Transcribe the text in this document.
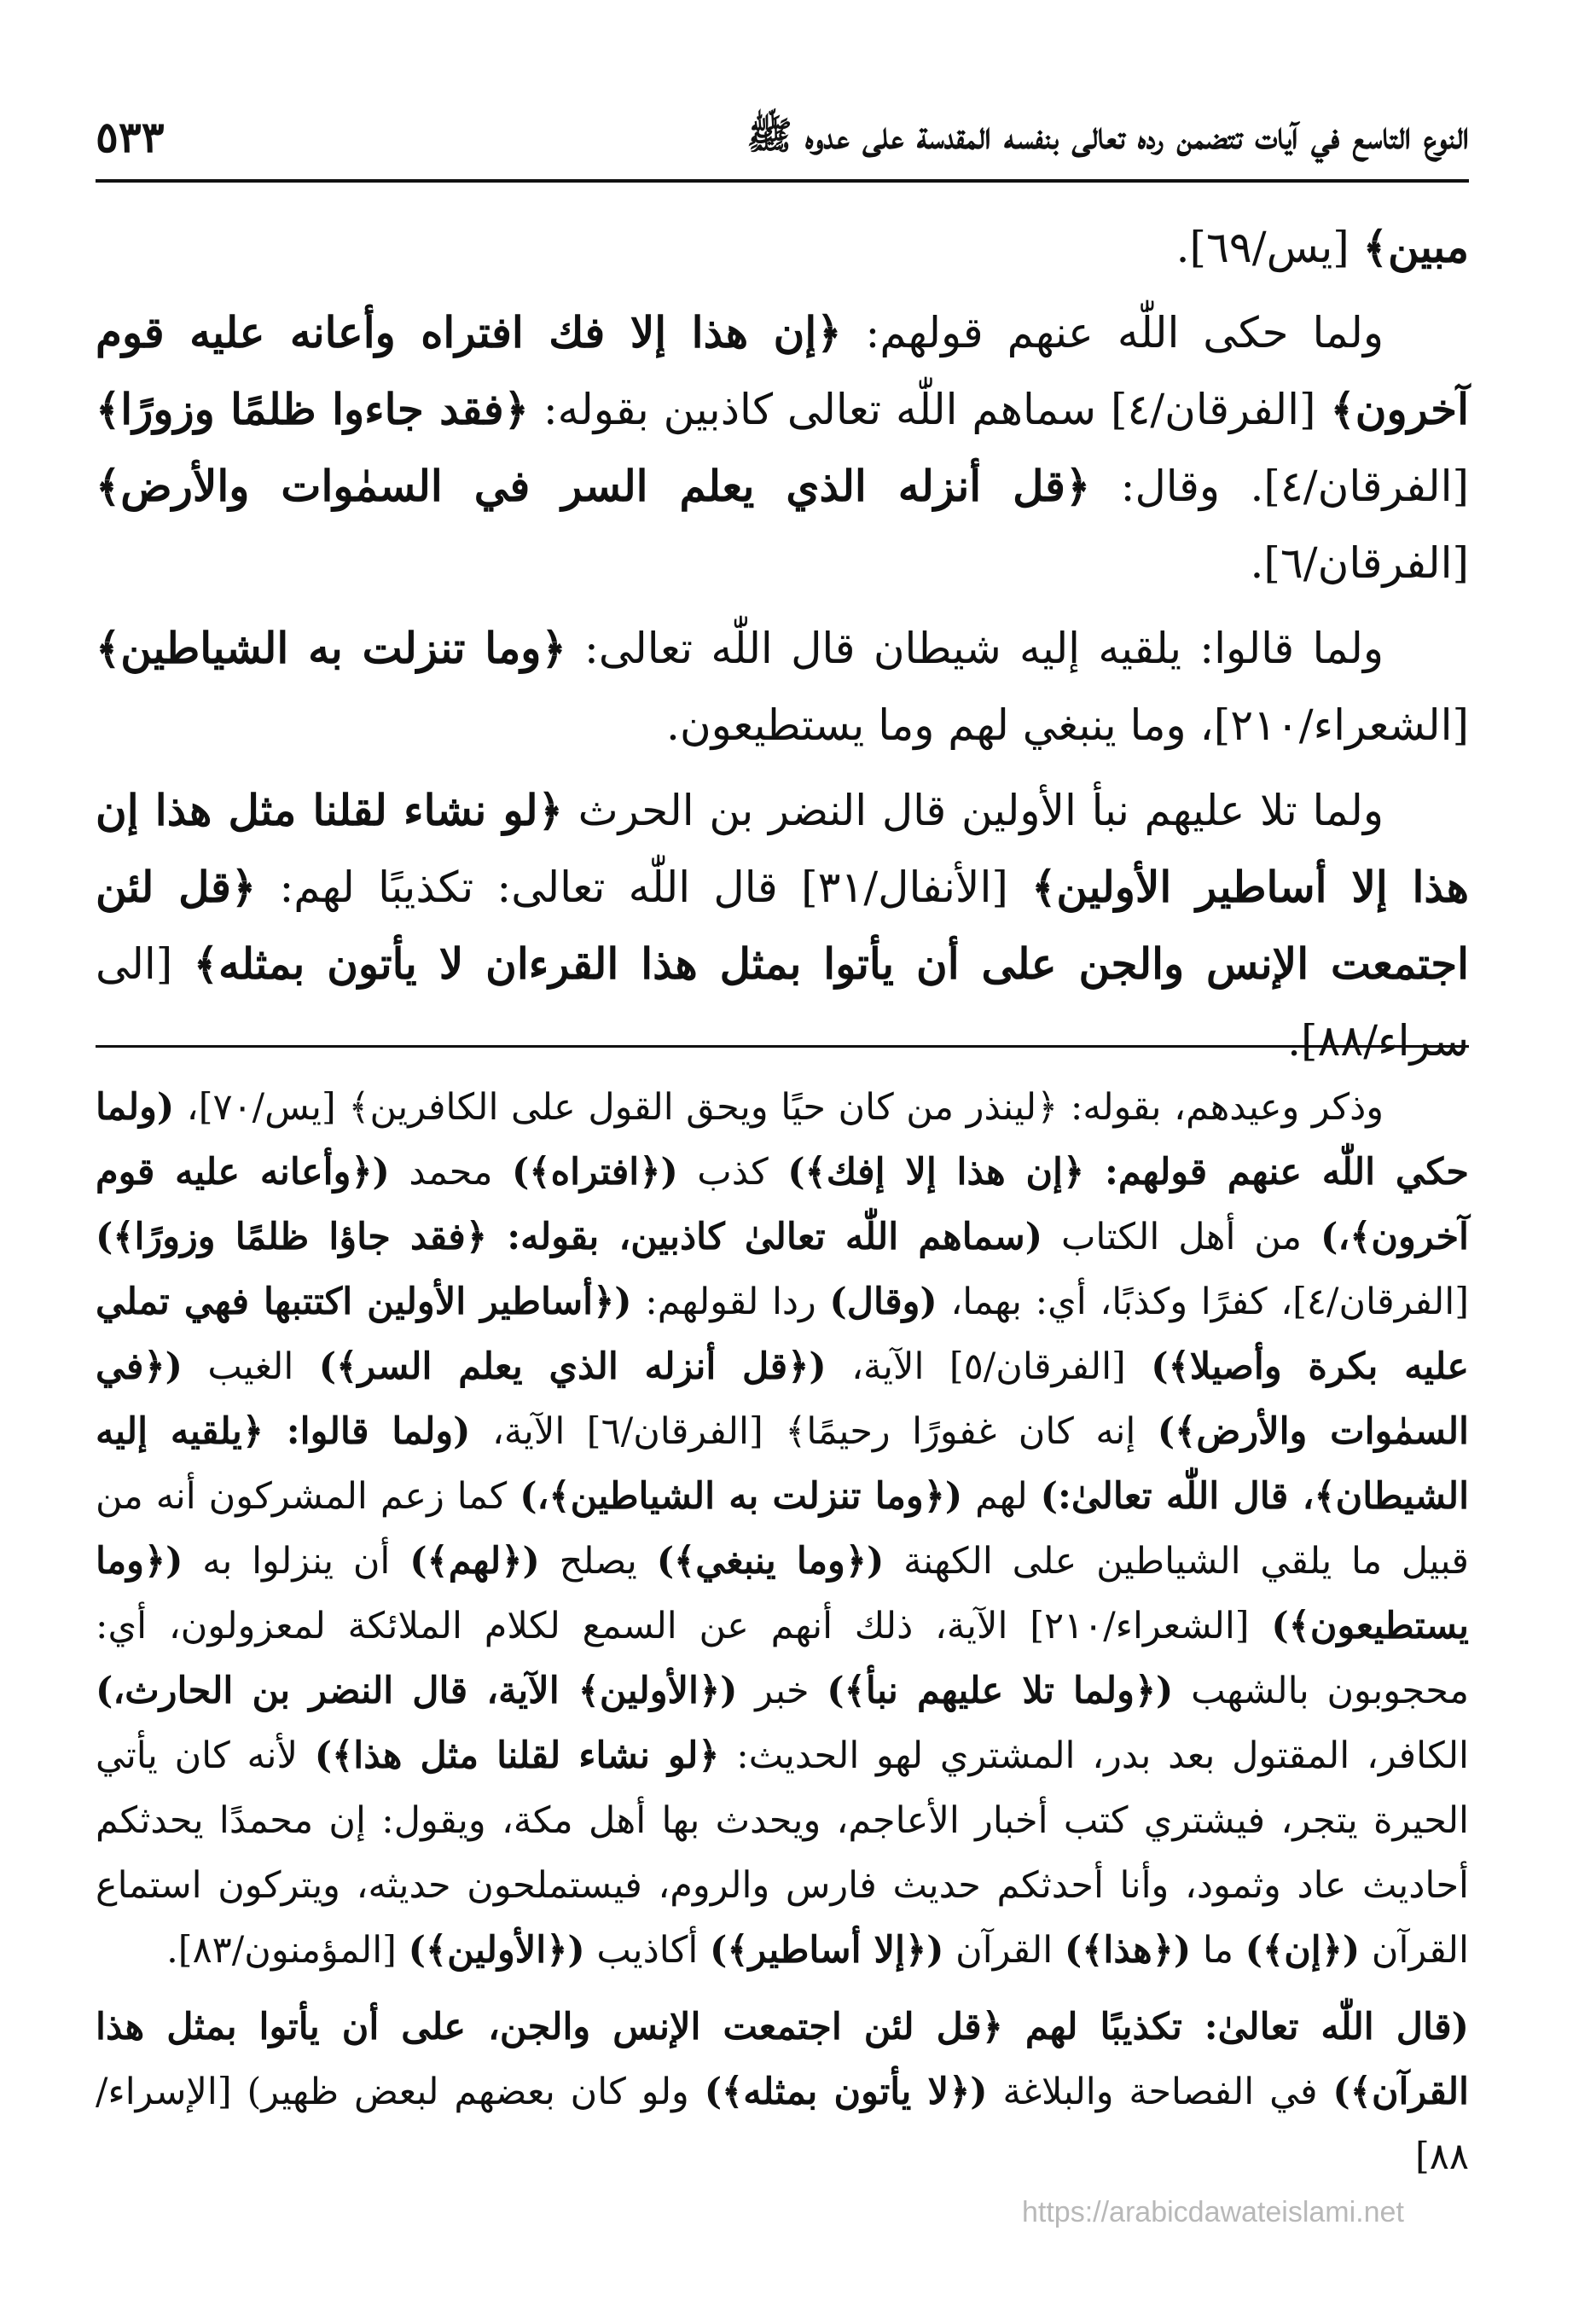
النوع التاسع في آيات تتضمن رده تعالى بنفسه المقدسة على عدوه ﷺ
٥٣٣

مبين﴾ [يس/٦٩].

ولما حكى اللّٰه عنهم قولهم: ﴿إن هذا إلا فك افتراه وأعانه عليه قوم آخرون﴾ [الفرقان/٤] سماهم اللّٰه تعالى كاذبين بقوله: ﴿فقد جاءوا ظلمًا وزورًا﴾ [الفرقان/٤]. وقال: ﴿قل أنزله الذي يعلم السر في السمٰوات والأرض﴾ [الفرقان/٦].

ولما قالوا: يلقيه إليه شيطان قال اللّٰه تعالى: ﴿وما تنزلت به الشياطين﴾ [الشعراء/٢١٠]، وما ينبغي لهم وما يستطيعون.

ولما تلا عليهم نبأ الأولين قال النضر بن الحرث ﴿لو نشاء لقلنا مثل هذا إن هذا إلا أساطير الأولين﴾ [الأنفال/٣١] قال اللّٰه تعالى: تكذيبًا لهم: ﴿قل لئن اجتمعت الإنس والجن على أن يأتوا بمثل هذا القرءان لا يأتون بمثله﴾ [الى سراء/٨٨].

وذكر وعيدهم، بقوله: ﴿لينذر من كان حيًا ويحق القول على الكافرين﴾ [يس/٧٠]، (ولما حكي اللّٰه عنهم قولهم: ﴿إن هذا إلا إفك﴾) كذب (﴿افتراه﴾) محمد (﴿وأعانه عليه قوم آخرون﴾،) من أهل الكتاب (سماهم اللّٰه تعالىٰ كاذبين، بقوله: ﴿فقد جاؤا ظلمًا وزورًا﴾) [الفرقان/٤]، كفرًا وكذبًا، أي: بهما، (وقال) ردا لقولهم: (﴿أساطير الأولين اكتتبها فهي تملي عليه بكرة وأصيلا﴾) [الفرقان/٥] الآية، (﴿قل أنزله الذي يعلم السر﴾) الغيب (﴿في السمٰوات والأرض﴾) إنه كان غفورًا رحيمًا﴾ [الفرقان/٦] الآية، (ولما قالوا: ﴿يلقيه إليه الشيطان﴾، قال اللّٰه تعالىٰ:) لهم (﴿وما تنزلت به الشياطين﴾،) كما زعم المشركون أنه من قبيل ما يلقي الشياطين على الكهنة (﴿وما ينبغي﴾) يصلح (﴿لهم﴾) أن ينزلوا به (﴿وما يستطيعون﴾) [الشعراء/٢١٠] الآية، ذلك أنهم عن السمع لكلام الملائكة لمعزولون، أي: محجوبون بالشهب (﴿ولما تلا عليهم نبأ﴾) خبر (﴿الأولين﴾ الآية، قال النضر بن الحارث،) الكافر، المقتول بعد بدر، المشتري لهو الحديث: ﴿لو نشاء لقلنا مثل هذا﴾) لأنه كان يأتي الحيرة يتجر، فيشتري كتب أخبار الأعاجم، ويحدث بها أهل مكة، ويقول: إن محمدًا يحدثكم أحاديث عاد وثمود، وأنا أحدثكم حديث فارس والروم، فيستملحون حديثه، ويتركون استماع القرآن (﴿إن﴾) ما (﴿هذا﴾) القرآن (﴿إلا أساطير﴾) أكاذيب (﴿الأولين﴾) [المؤمنون/٨٣].

(قال اللّٰه تعالىٰ: تكذيبًا لهم ﴿قل لئن اجتمعت الإنس والجن، على أن يأتوا بمثل هذا القرآن﴾) في الفصاحة والبلاغة (﴿لا يأتون بمثله﴾) ولو كان بعضهم لبعض ظهير) [الإسراء/٨٨]

https://arabicdawateislami.net
